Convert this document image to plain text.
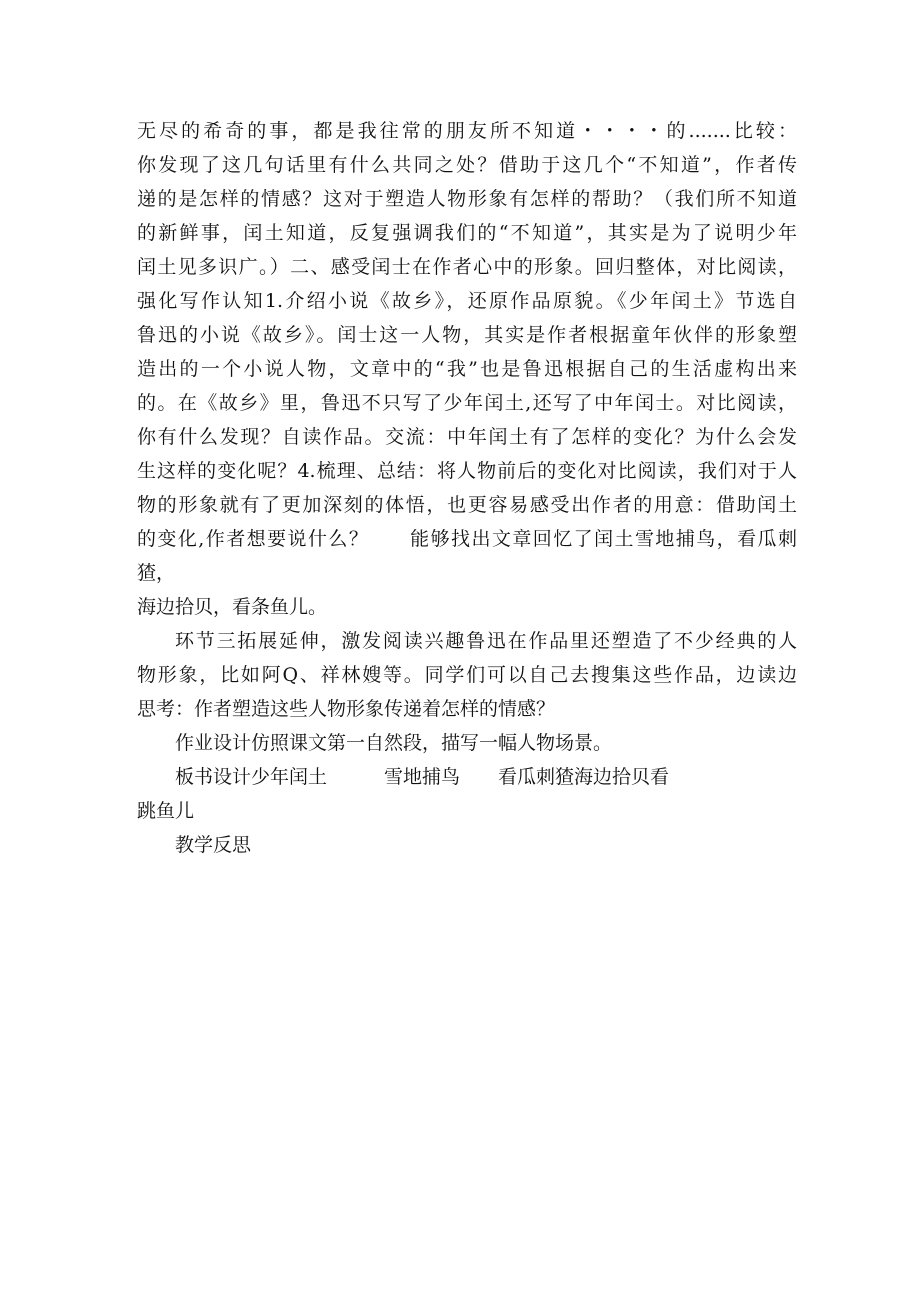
无尽的希奇的事，都是我往常的朋友所不知道・・・・的.......比较：

你发现了这几句话里有什么共同之处？借助于这几个“不知道”，作者传

递的是怎样的情感？这对于塑造人物形象有怎样的帮助？（我们所不知道

的新鲜事，闰土知道，反复强调我们的“不知道”，其实是为了说明少年

闰土见多识广。）二、感受闰士在作者心中的形象。回归整体，对比阅读，

强化写作认知1.介绍小说《故乡》，还原作品原貌。《少年闰土》节选自

鲁迅的小说《故乡》。闰士这一人物，其实是作者根据童年伙伴的形象塑

造出的一个小说人物，文章中的“我”也是鲁迅根据自己的生活虚构出来

的。在《故乡》里，鲁迅不只写了少年闰土,还写了中年闰士。对比阅读，

你有什么发现？自读作品。交流：中年闰土有了怎样的变化？为什么会发

生这样的变化呢？4.梳理、总结：将人物前后的变化对比阅读，我们对于人

物的形象就有了更加深刻的体悟，也更容易感受出作者的用意：借助闰土

的变化,作者想要说什么？　　能够找出文章回忆了闰土雪地捕鸟，看瓜刺

猹，

海边拾贝，看条鱼儿。

环节三拓展延伸，激发阅读兴趣鲁迅在作品里还塑造了不少经典的人

物形象，比如阿Q、祥林嫂等。同学们可以自己去搜集这些作品，边读边

思考：作者塑造这些人物形象传递着怎样的情感？

作业设计仿照课文第一自然段，描写一幅人物场景。

板书设计少年闰土　　　雪地捕鸟　　看瓜刺猹海边拾贝看

跳鱼儿

教学反思
